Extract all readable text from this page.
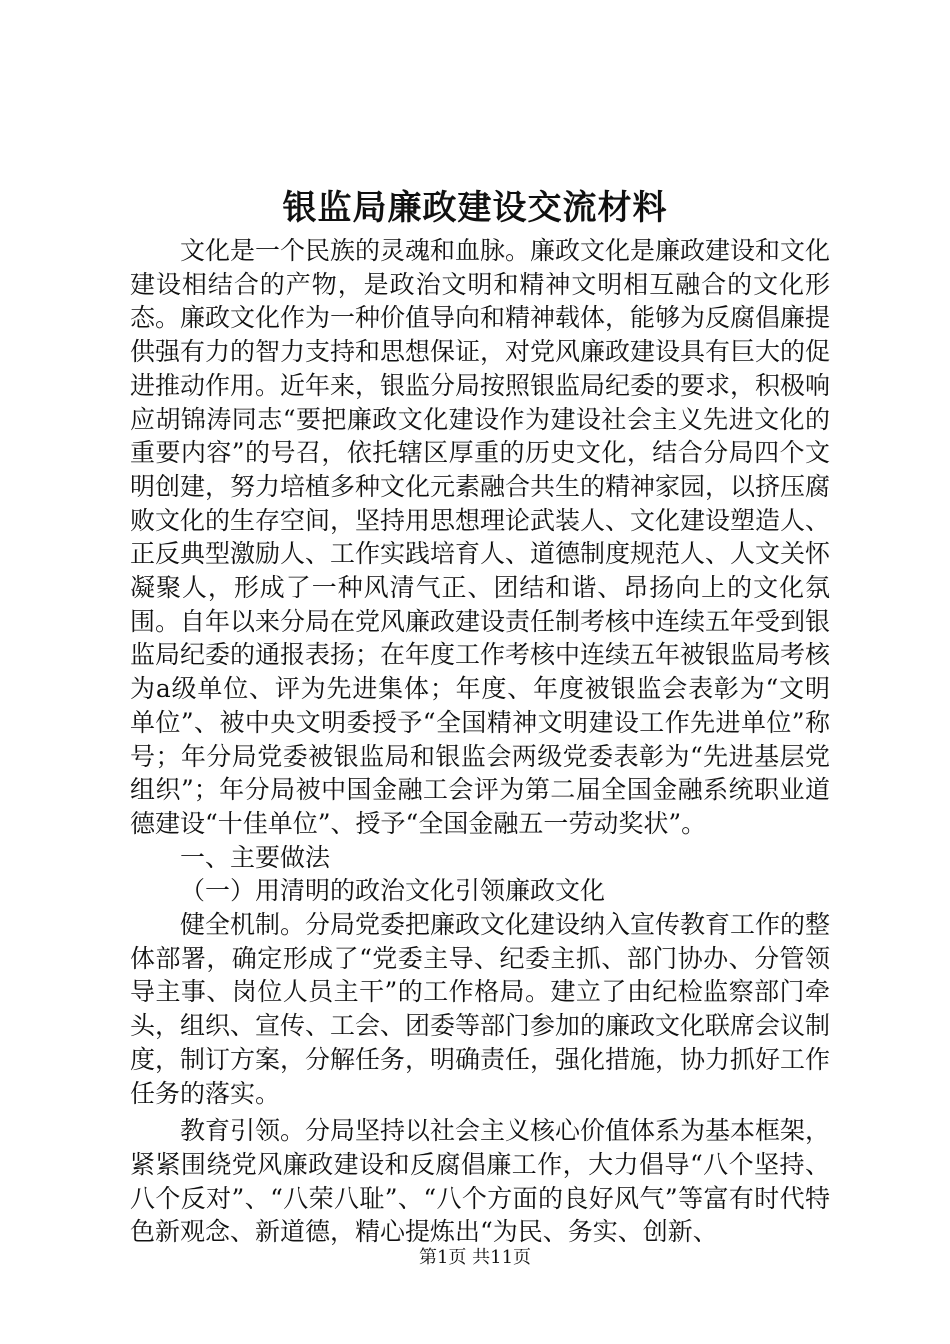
银监局廉政建设交流材料

文化是一个民族的灵魂和血脉。廉政文化是廉政建设和文化建设相结合的产物，是政治文明和精神文明相互融合的文化形态。廉政文化作为一种价值导向和精神载体，能够为反腐倡廉提供强有力的智力支持和思想保证，对党风廉政建设具有巨大的促进推动作用。近年来，银监分局按照银监局纪委的要求，积极响应胡锦涛同志“要把廉政文化建设作为建设社会主义先进文化的重要内容”的号召，依托辖区厚重的历史文化，结合分局四个文明创建，努力培植多种文化元素融合共生的精神家园，以挤压腐败文化的生存空间，坚持用思想理论武装人、文化建设塑造人、正反典型激励人、工作实践培育人、道德制度规范人、人文关怀凝聚人，形成了一种风清气正、团结和谐、昂扬向上的文化氛围。自年以来分局在党风廉政建设责任制考核中连续五年受到银监局纪委的通报表扬；在年度工作考核中连续五年被银监局考核为a级单位、评为先进集体；年度、年度被银监会表彰为“文明单位”、被中央文明委授予“全国精神文明建设工作先进单位”称号；年分局党委被银监局和银监会两级党委表彰为“先进基层党组织”；年分局被中国金融工会评为第二届全国金融系统职业道德建设“十佳单位”、授予“全国金融五一劳动奖状”。

一、主要做法

（一）用清明的政治文化引领廉政文化

健全机制。分局党委把廉政文化建设纳入宣传教育工作的整体部署，确定形成了“党委主导、纪委主抓、部门协办、分管领导主事、岗位人员主干”的工作格局。建立了由纪检监察部门牵头，组织、宣传、工会、团委等部门参加的廉政文化联席会议制度，制订方案，分解任务，明确责任，强化措施，协力抓好工作任务的落实。

教育引领。分局坚持以社会主义核心价值体系为基本框架，紧紧围绕党风廉政建设和反腐倡廉工作，大力倡导“八个坚持、八个反对”、“八荣八耻”、“八个方面的良好风气”等富有时代特色新观念、新道德，精心提炼出“为民、务实、创新、

第1页 共11页
